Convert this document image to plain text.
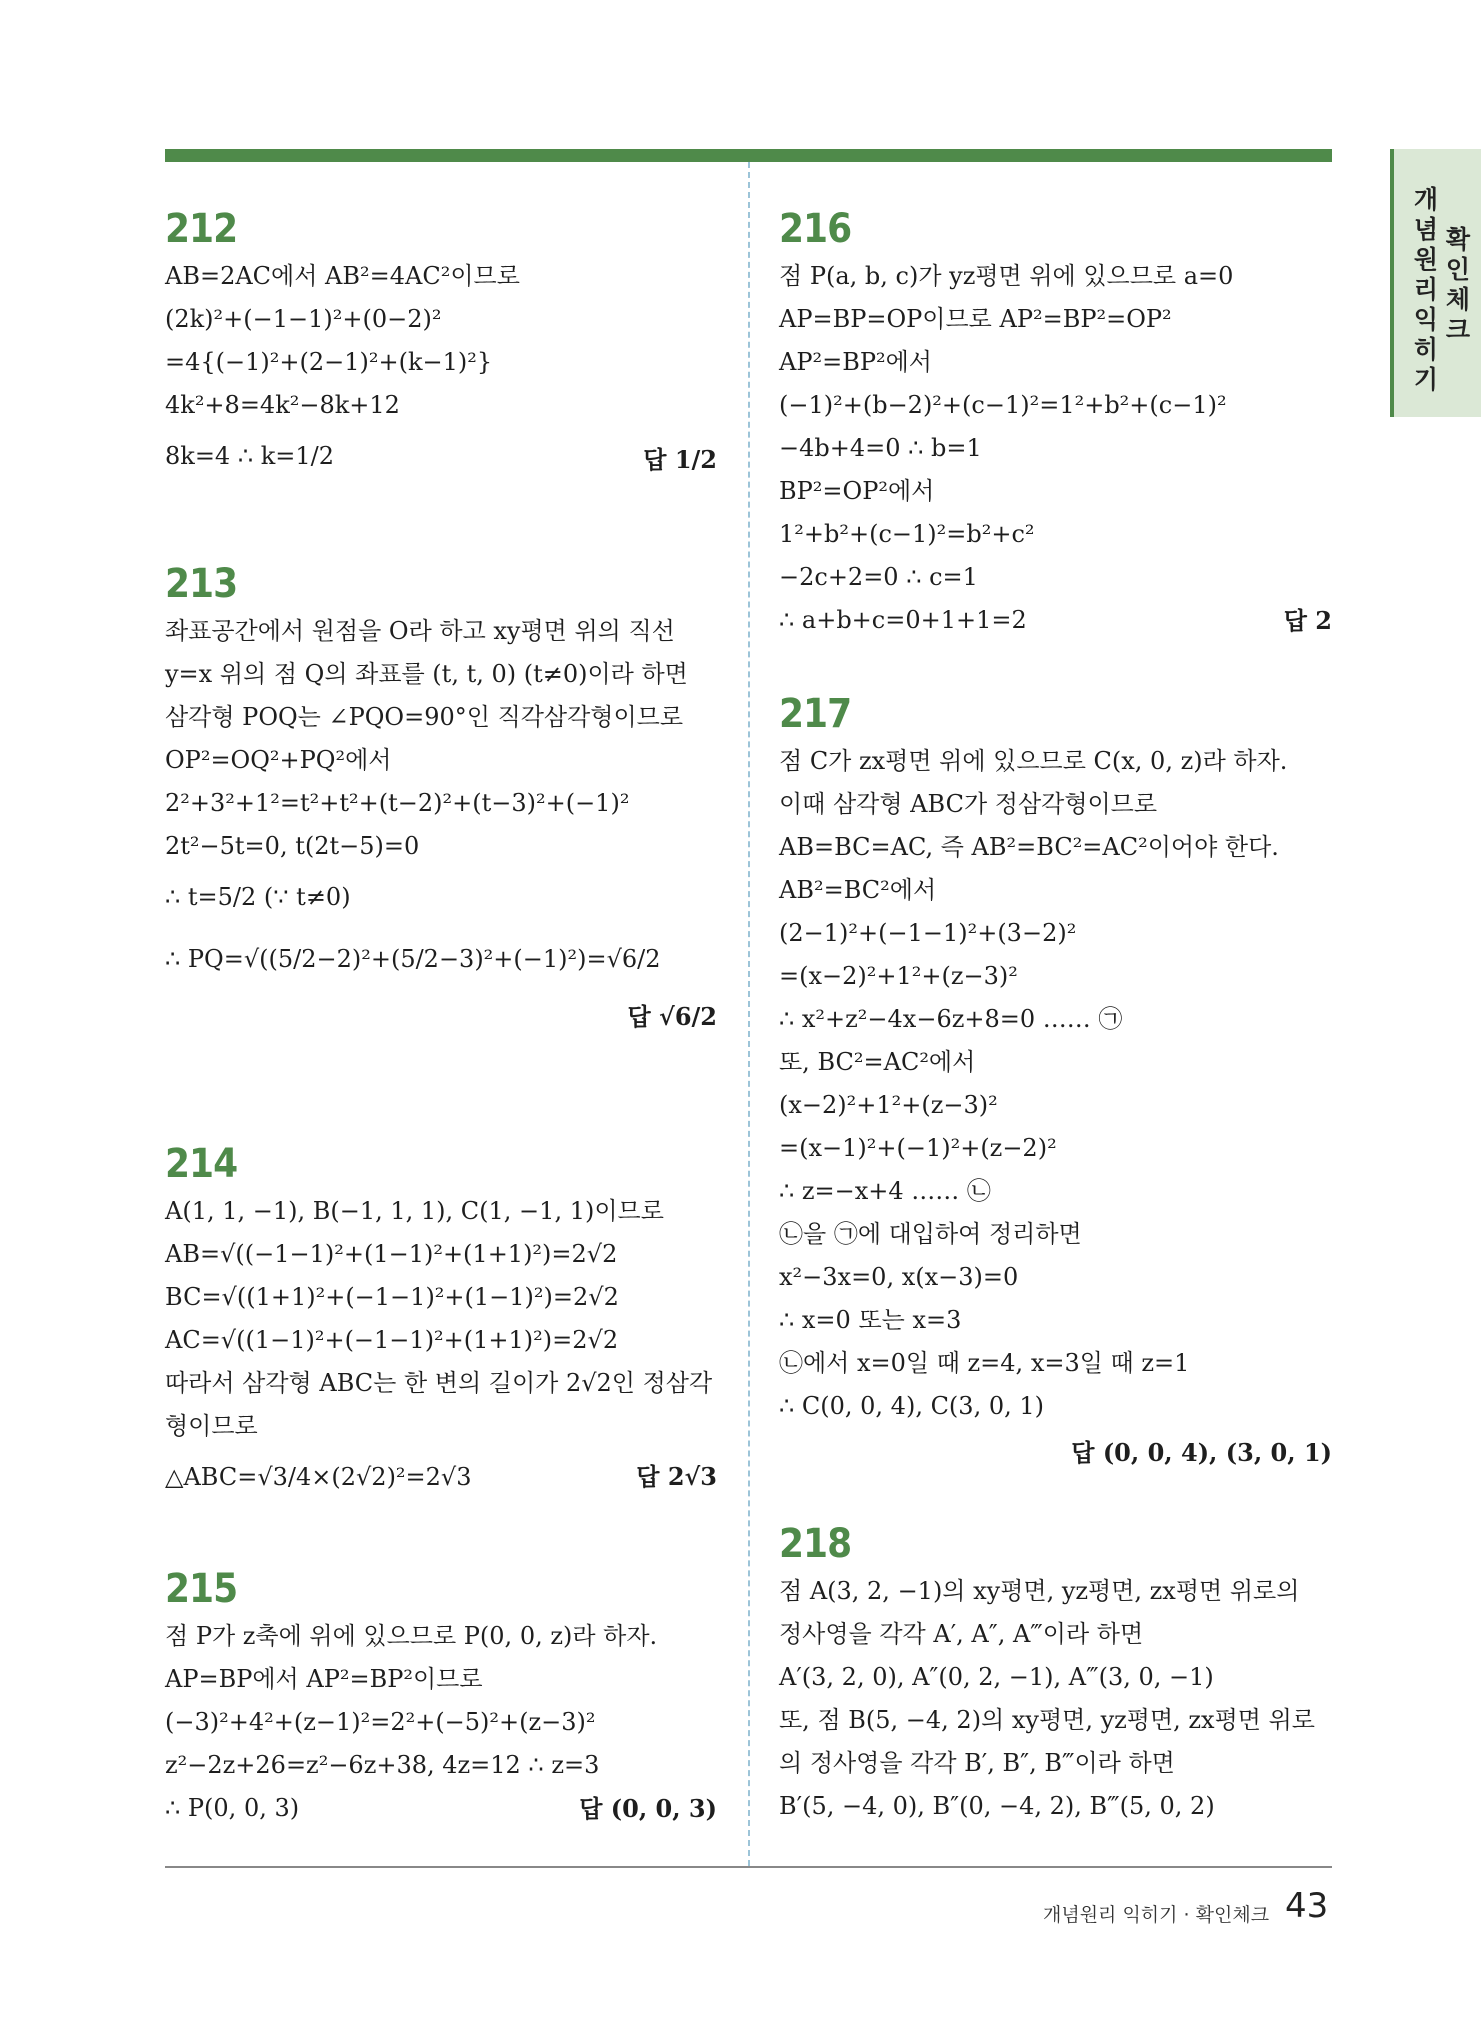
개
념
원
리
익
히
기
확
인
체
크
212
AB=2AC에서 AB²=4AC²이므로
(2k)²+(−1−1)²+(0−2)²
=4{(−1)²+(2−1)²+(k−1)²}
4k²+8=4k²−8k+12
8k=4 ∴ k=1/2	답 1/2
213
좌표공간에서 원점을 O라 하고 xy평면 위의 직선
y=x 위의 점 Q의 좌표를 (t, t, 0) (t≠0)이라 하면
삼각형 POQ는 ∠PQO=90°인 직각삼각형이므로
OP²=OQ²+PQ²에서
2²+3²+1²=t²+t²+(t−2)²+(t−3)²+(−1)²
2t²−5t=0, t(2t−5)=0
∴ t=5/2 (∵ t≠0)
∴ PQ=√((5/2−2)²+(5/2−3)²+(−1)²)=√6/2
답 √6/2
214
A(1, 1, −1), B(−1, 1, 1), C(1, −1, 1)이므로
AB=√((−1−1)²+(1−1)²+(1+1)²)=2√2
BC=√((1+1)²+(−1−1)²+(1−1)²)=2√2
AC=√((1−1)²+(−1−1)²+(1+1)²)=2√2
따라서 삼각형 ABC는 한 변의 길이가 2√2인 정삼각
형이므로
△ABC=√3/4×(2√2)²=2√3	답 2√3
215
점 P가 z축에 위에 있으므로 P(0, 0, z)라 하자.
AP=BP에서 AP²=BP²이므로
(−3)²+4²+(z−1)²=2²+(−5)²+(z−3)²
z²−2z+26=z²−6z+38, 4z=12 ∴ z=3
∴ P(0, 0, 3)	답 (0, 0, 3)
216
점 P(a, b, c)가 yz평면 위에 있으므로 a=0
AP=BP=OP이므로 AP²=BP²=OP²
AP²=BP²에서
(−1)²+(b−2)²+(c−1)²=1²+b²+(c−1)²
−4b+4=0 ∴ b=1
BP²=OP²에서
1²+b²+(c−1)²=b²+c²
−2c+2=0 ∴ c=1
∴ a+b+c=0+1+1=2	답 2
217
점 C가 zx평면 위에 있으므로 C(x, 0, z)라 하자.
이때 삼각형 ABC가 정삼각형이므로
AB=BC=AC, 즉 AB²=BC²=AC²이어야 한다.
AB²=BC²에서
(2−1)²+(−1−1)²+(3−2)²
=(x−2)²+1²+(z−3)²
∴ x²+z²−4x−6z+8=0 …… ㉠
또, BC²=AC²에서
(x−2)²+1²+(z−3)²
=(x−1)²+(−1)²+(z−2)²
∴ z=−x+4 …… ㉡
㉡을 ㉠에 대입하여 정리하면
x²−3x=0, x(x−3)=0
∴ x=0 또는 x=3
㉡에서 x=0일 때 z=4, x=3일 때 z=1
∴ C(0, 0, 4), C(3, 0, 1)
답 (0, 0, 4), (3, 0, 1)
218
점 A(3, 2, −1)의 xy평면, yz평면, zx평면 위로의
정사영을 각각 A′, A″, A‴이라 하면
A′(3, 2, 0), A″(0, 2, −1), A‴(3, 0, −1)
또, 점 B(5, −4, 2)의 xy평면, yz평면, zx평면 위로
의 정사영을 각각 B′, B″, B‴이라 하면
B′(5, −4, 0), B″(0, −4, 2), B‴(5, 0, 2)
개념원리 익히기 · 확인체크 43
